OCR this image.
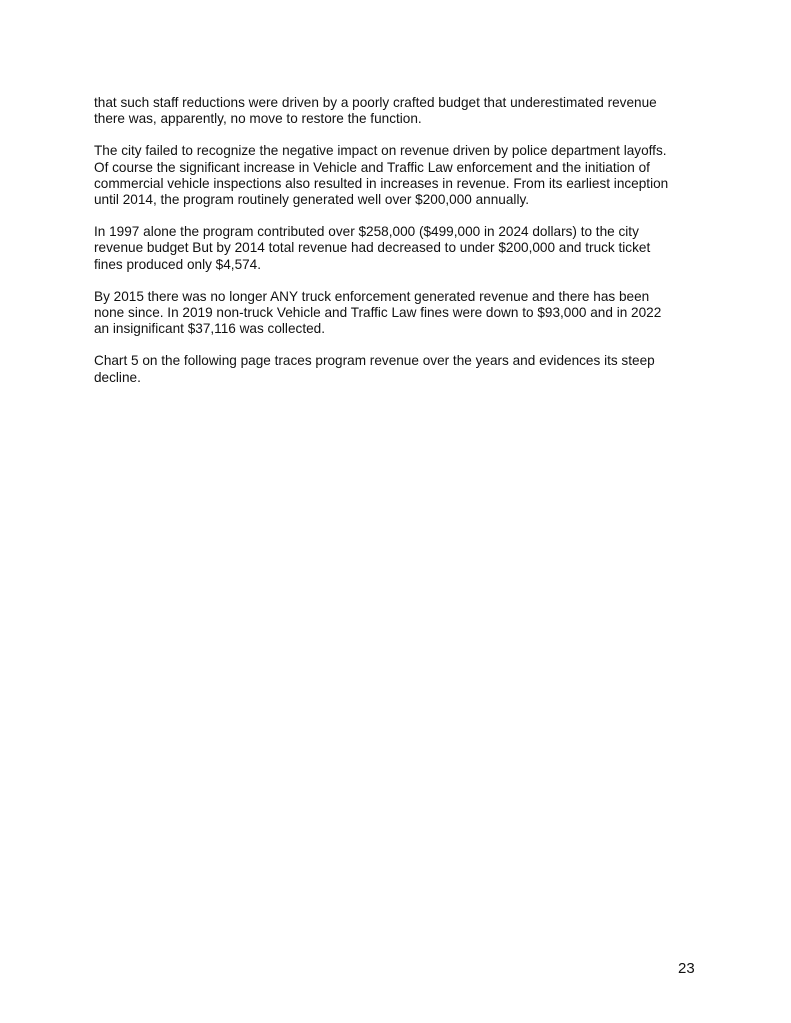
that such staff reductions were driven by a poorly crafted budget that underestimated revenue
there was, apparently, no move to restore the function.

The city failed to recognize the negative impact on revenue driven by police department layoffs.
Of course the significant increase in Vehicle and Traffic Law enforcement and the initiation of
commercial vehicle inspections also resulted in increases in revenue. From its earliest inception
until 2014, the program routinely generated well over $200,000 annually.

In 1997 alone the program contributed over $258,000 ($499,000 in 2024 dollars) to the city
revenue budget But by 2014 total revenue had decreased to under $200,000 and truck ticket
fines produced only $4,574.

By 2015 there was no longer ANY truck enforcement generated revenue and there has been
none since. In 2019 non-truck Vehicle and Traffic Law fines were down to $93,000 and in 2022
an insignificant $37,116 was collected.

Chart 5 on the following page traces program revenue over the years and evidences its steep
decline.

23
